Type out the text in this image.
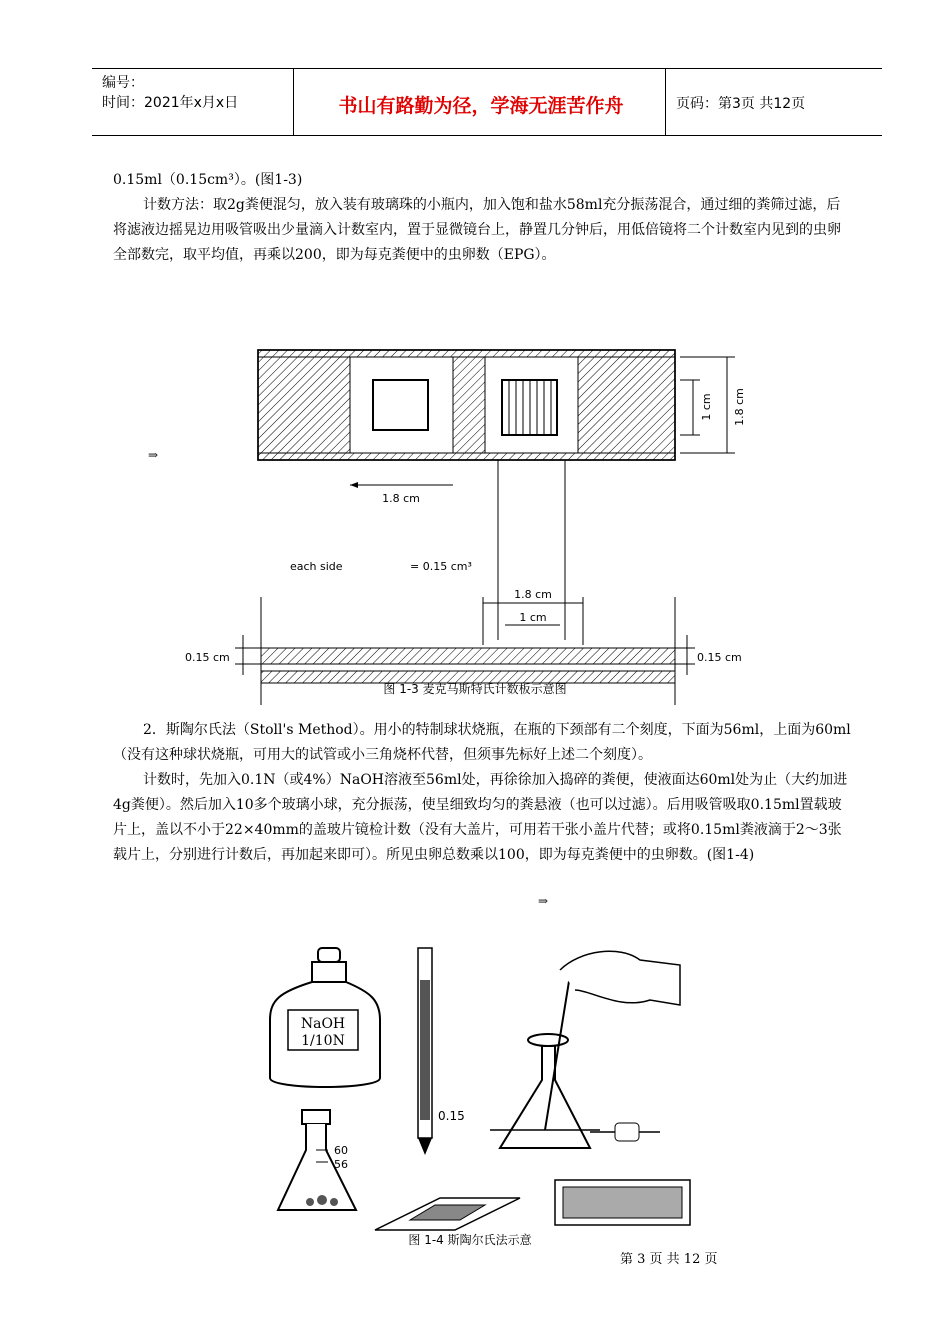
编号：
时间：2021年x月x日	书山有路勤为径，学海无涯苦作舟	页码：第3页 共12页

0.15ml（0.15cm³）。(图1-3)

计数方法：取2g粪便混匀，放入装有玻璃珠的小瓶内，加入饱和盐水58ml充分振荡混合，通过细的粪筛过滤，后将滤液边摇晃边用吸管吸出少量滴入计数室内，置于显微镜台上，静置几分钟后，用低倍镜将二个计数室内见到的虫卵全部数完，取平均值，再乘以200，即为每克粪便中的虫卵数（EPG）。

⇒
1 cm 1.8 cm
1.8 cm
each side	= 0.15 cm³
1.8 cm
1 cm
0.15 cm	0.15 cm
图 1-3 麦克马斯特氏计数板示意图

2．斯陶尔氏法（Stoll's Method）。用小的特制球状烧瓶，在瓶的下颈部有二个刻度，下面为56ml，上面为60ml（没有这种球状烧瓶，可用大的试管或小三角烧杯代替，但须事先标好上述二个刻度）。

计数时，先加入0.1N（或4%）NaOH溶液至56ml处，再徐徐加入捣碎的粪便，使液面达60ml处为止（大约加进4g粪便）。然后加入10多个玻璃小球，充分振荡，使呈细致均匀的粪悬液（也可以过滤）。后用吸管吸取0.15ml置载玻片上，盖以不小于22×40mm的盖玻片镜检计数（没有大盖片，可用若干张小盖片代替；或将0.15ml粪液滴于2～3张载片上，分别进行计数后，再加起来即可）。所见虫卵总数乘以100，即为每克粪便中的虫卵数。(图1-4)

NaOH
1/10N
0.15
60
56
图 1-4 斯陶尔氏法示意
⇒
第 3 页 共 12 页
